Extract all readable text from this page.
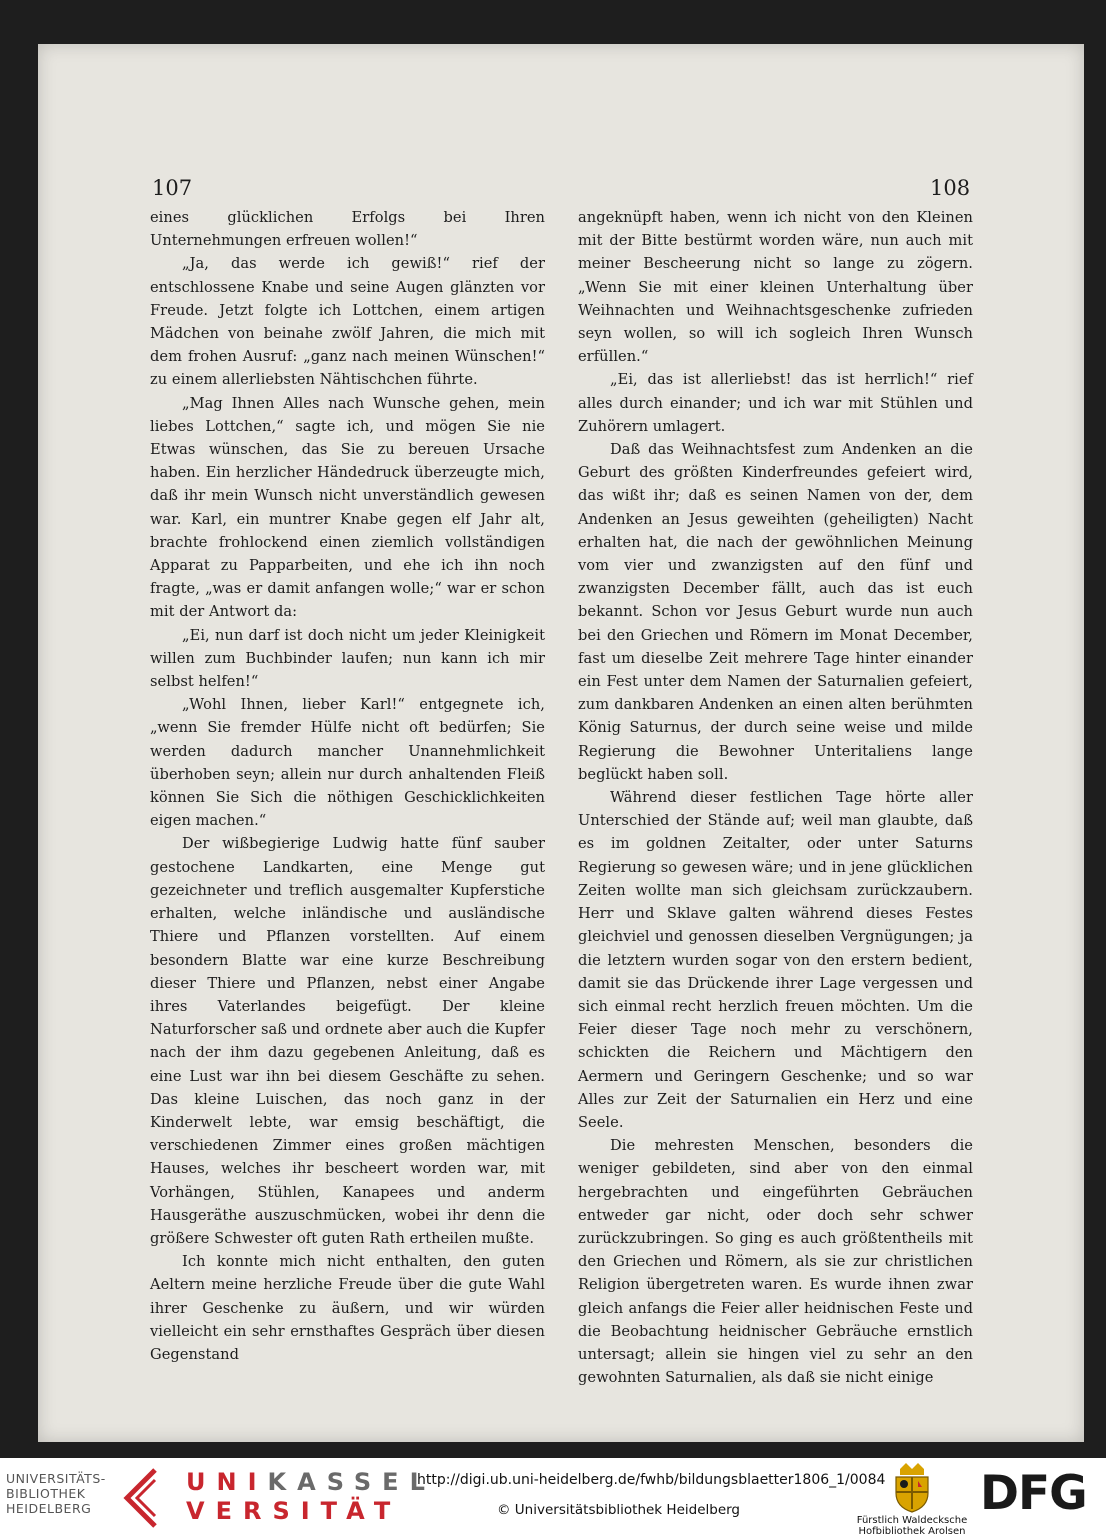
107	108

eines glücklichen Erfolgs bei Ihren Unternehmungen erfreuen wollen!“

„Ja, das werde ich gewiß!“ rief der entschlossene Knabe und seine Augen glänzten vor Freude. Jetzt folgte ich Lottchen, einem artigen Mädchen von beinahe zwölf Jahren, die mich mit dem frohen Ausruf: „ganz nach meinen Wünschen!“ zu einem allerliebsten Nähtischchen führte.

„Mag Ihnen Alles nach Wunsche gehen, mein liebes Lottchen,“ sagte ich, und mögen Sie nie Etwas wünschen, das Sie zu bereuen Ursache haben. Ein herzlicher Händedruck überzeugte mich, daß ihr mein Wunsch nicht unverständlich gewesen war. Karl, ein muntrer Knabe gegen elf Jahr alt, brachte frohlockend einen ziemlich vollständigen Apparat zu Papparbeiten, und ehe ich ihn noch fragte, „was er damit anfangen wolle;“ war er schon mit der Antwort da:

„Ei, nun darf ist doch nicht um jeder Kleinigkeit willen zum Buchbinder laufen; nun kann ich mir selbst helfen!“

„Wohl Ihnen, lieber Karl!“ entgegnete ich, „wenn Sie fremder Hülfe nicht oft bedürfen; Sie werden dadurch mancher Unannehmlichkeit überhoben seyn; allein nur durch anhaltenden Fleiß können Sie Sich die nöthigen Geschicklichkeiten eigen machen.“

Der wißbegierige Ludwig hatte fünf sauber gestochene Landkarten, eine Menge gut gezeichneter und treflich ausgemalter Kupferstiche erhalten, welche inländische und ausländische Thiere und Pflanzen vorstellten. Auf einem besondern Blatte war eine kurze Beschreibung dieser Thiere und Pflanzen, nebst einer Angabe ihres Vaterlandes beigefügt. Der kleine Naturforscher saß und ordnete aber auch die Kupfer nach der ihm dazu gegebenen Anleitung, daß es eine Lust war ihn bei diesem Geschäfte zu sehen. Das kleine Luischen, das noch ganz in der Kinderwelt lebte, war emsig beschäftigt, die verschiedenen Zimmer eines großen mächtigen Hauses, welches ihr bescheert worden war, mit Vorhängen, Stühlen, Kanapees und anderm Hausgeräthe auszuschmücken, wobei ihr denn die größere Schwester oft guten Rath ertheilen mußte.

Ich konnte mich nicht enthalten, den guten Aeltern meine herzliche Freude über die gute Wahl ihrer Geschenke zu äußern, und wir würden vielleicht ein sehr ernsthaftes Gespräch über diesen Gegenstand

angeknüpft haben, wenn ich nicht von den Kleinen mit der Bitte bestürmt worden wäre, nun auch mit meiner Bescheerung nicht so lange zu zögern. „Wenn Sie mit einer kleinen Unterhaltung über Weihnachten und Weihnachtsgeschenke zufrieden seyn wollen, so will ich sogleich Ihren Wunsch erfüllen.“

„Ei, das ist allerliebst! das ist herrlich!“ rief alles durch einander; und ich war mit Stühlen und Zuhörern umlagert.

Daß das Weihnachtsfest zum Andenken an die Geburt des größten Kinderfreundes gefeiert wird, das wißt ihr; daß es seinen Namen von der, dem Andenken an Jesus geweihten (geheiligten) Nacht erhalten hat, die nach der gewöhnlichen Meinung vom vier und zwanzigsten auf den fünf und zwanzigsten December fällt, auch das ist euch bekannt. Schon vor Jesus Geburt wurde nun auch bei den Griechen und Römern im Monat December, fast um dieselbe Zeit mehrere Tage hinter einander ein Fest unter dem Namen der Saturnalien gefeiert, zum dankbaren Andenken an einen alten berühmten König Saturnus, der durch seine weise und milde Regierung die Bewohner Unteritaliens lange beglückt haben soll.

Während dieser festlichen Tage hörte aller Unterschied der Stände auf; weil man glaubte, daß es im goldnen Zeitalter, oder unter Saturns Regierung so gewesen wäre; und in jene glücklichen Zeiten wollte man sich gleichsam zurückzaubern. Herr und Sklave galten während dieses Festes gleichviel und genossen dieselben Vergnügungen; ja die letztern wurden sogar von den erstern bedient, damit sie das Drückende ihrer Lage vergessen und sich einmal recht herzlich freuen möchten. Um die Feier dieser Tage noch mehr zu verschönern, schickten die Reichern und Mächtigern den Aermern und Geringern Geschenke; und so war Alles zur Zeit der Saturnalien ein Herz und eine Seele.

Die mehresten Menschen, besonders die weniger gebildeten, sind aber von den einmal hergebrachten und eingeführten Gebräuchen entweder gar nicht, oder doch sehr schwer zurückzubringen. So ging es auch größtentheils mit den Griechen und Römern, als sie zur christlichen Religion übergetreten waren. Es wurde ihnen zwar gleich anfangs die Feier aller heidnischen Feste und die Beobachtung heidnischer Gebräuche ernstlich untersagt; allein sie hingen viel zu sehr an den gewohnten Saturnalien, als daß sie nicht einige

UNIVERSITÄTS-
BIBLIOTHEK
HEIDELBERG
UNIKASSEL
VERSITÄT
http://digi.ub.uni-heidelberg.de/fwhb/bildungsblaetter1806_1/0084
© Universitätsbibliothek Heidelberg
Fürstlich Waldecksche
Hofbibliothek Arolsen
DFG
